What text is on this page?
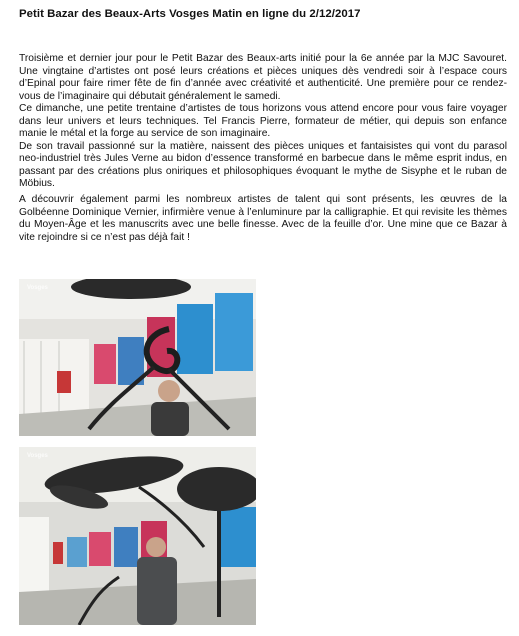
Petit Bazar des Beaux-Arts Vosges Matin en ligne du 2/12/2017

Troisième et dernier jour pour le Petit Bazar des Beaux-arts initié pour la 6e année par la MJC Savouret. Une vingtaine d’artistes ont posé leurs créations et pièces uniques dès vendredi soir à l’espace cours d’Epinal pour faire rimer fête de fin d’année avec créativité et authenticité. Une première pour ce rendez-vous de l’imaginaire qui débutait généralement le samedi.

Ce dimanche, une petite trentaine d’artistes de tous horizons vous attend encore pour vous faire voyager dans leur univers et leurs techniques. Tel Francis Pierre, formateur de métier, qui depuis son enfance manie le métal et la forge au service de son imaginaire.

De son travail passionné sur la matière, naissent des pièces uniques et fantaisistes qui vont du parasol neo-industriel très Jules Verne au bidon d’essence transformé en barbecue dans le même esprit indus, en passant par des créations plus oniriques et philosophiques évoquant le mythe de Sisyphe et le ruban de Möbius.

A découvrir également parmi les nombreux artistes de talent qui sont présents, les œuvres de la Golbéenne Dominique Vernier, infirmière venue à l’enluminure par la calligraphie. Et qui revisite les thèmes du Moyen-Âge et les manuscrits avec une belle finesse. Avec de la feuille d’or. Une mine que ce Bazar à vite rejoindre si ce n’est pas déjà fait !

Vosges
Vosges
